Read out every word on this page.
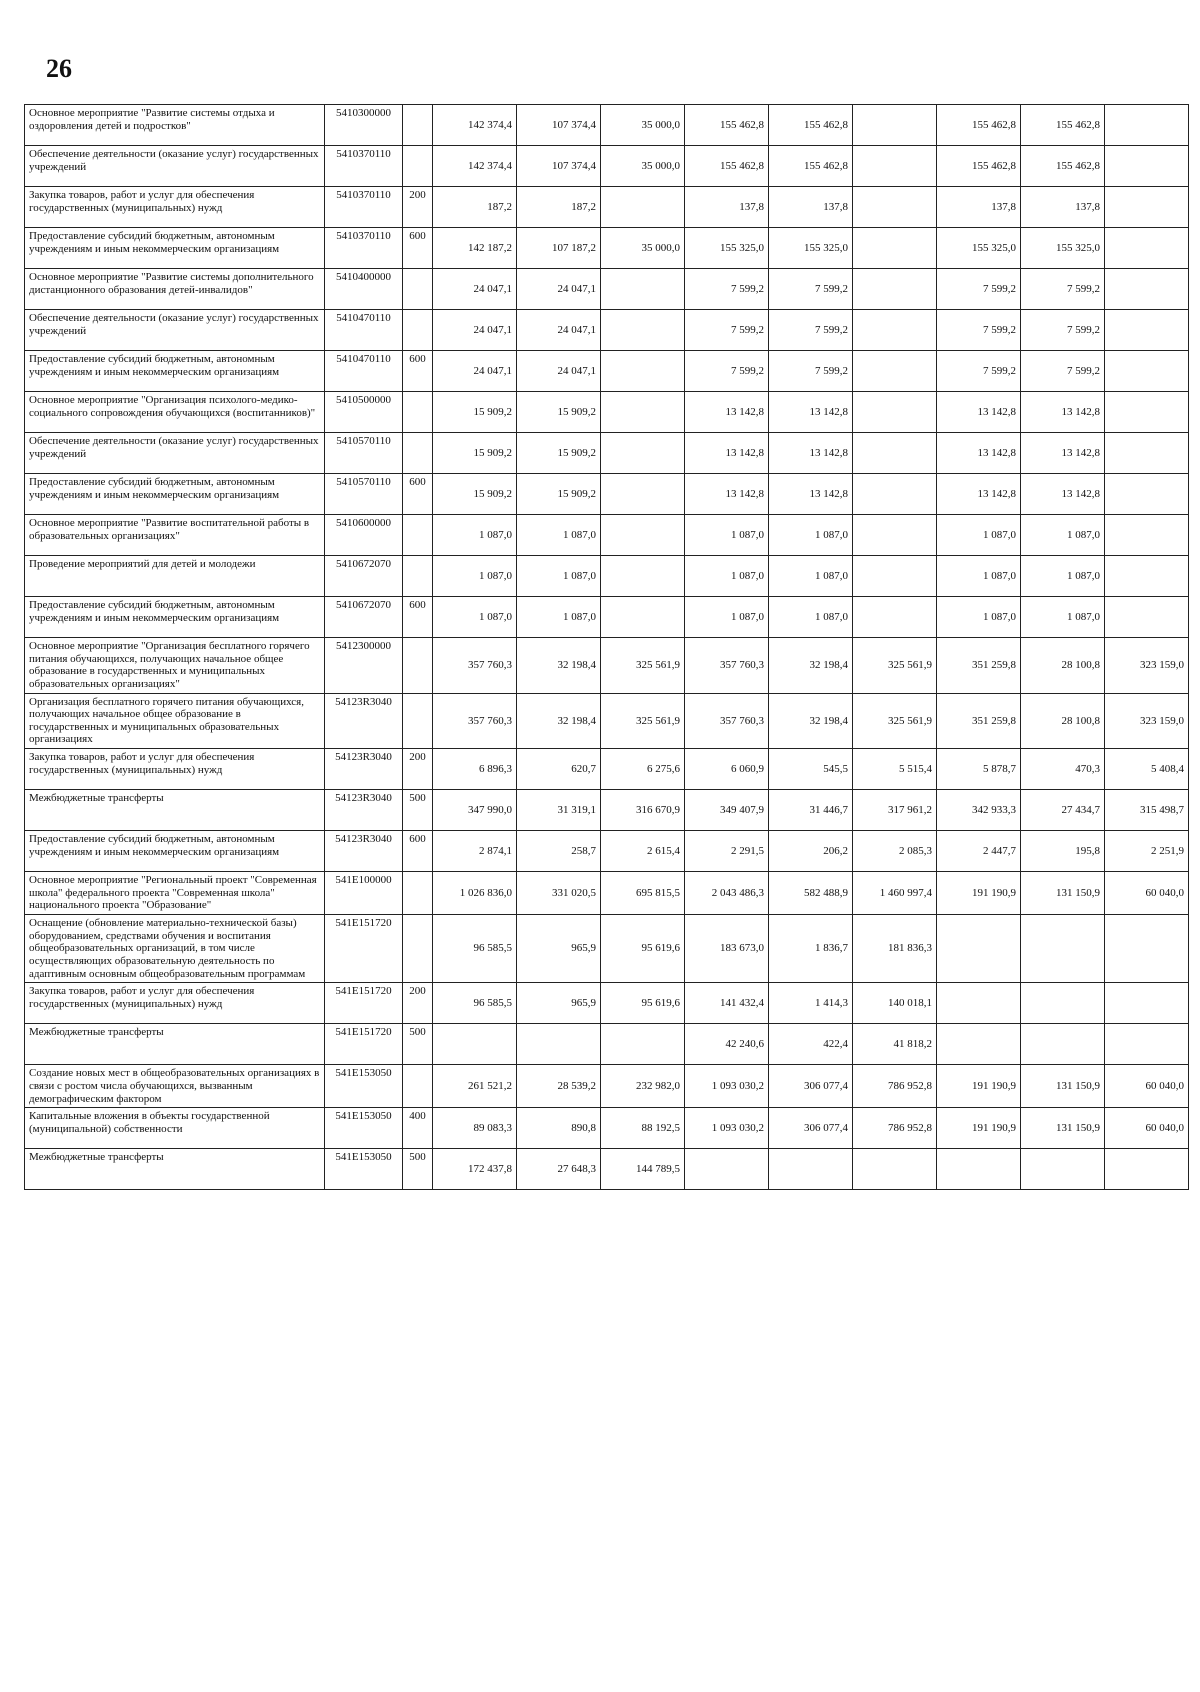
26
Основное мероприятие "Развитие системы отдыха и оздоровления детей и подростков"	5410300000		142 374,4	107 374,4	35 000,0	155 462,8	155 462,8		155 462,8	155 462,8	
Обеспечение деятельности (оказание услуг) государственных учреждений	5410370110		142 374,4	107 374,4	35 000,0	155 462,8	155 462,8		155 462,8	155 462,8	
Закупка товаров, работ и услуг для обеспечения государственных (муниципальных) нужд	5410370110	200	187,2	187,2		137,8	137,8		137,8	137,8	
Предоставление субсидий бюджетным, автономным учреждениям и иным некоммерческим организациям	5410370110	600	142 187,2	107 187,2	35 000,0	155 325,0	155 325,0		155 325,0	155 325,0	
Основное мероприятие "Развитие системы дополнительного дистанционного образования детей-инвалидов"	5410400000		24 047,1	24 047,1		7 599,2	7 599,2		7 599,2	7 599,2	
Обеспечение деятельности (оказание услуг) государственных учреждений	5410470110		24 047,1	24 047,1		7 599,2	7 599,2		7 599,2	7 599,2	
Предоставление субсидий бюджетным, автономным учреждениям и иным некоммерческим организациям	5410470110	600	24 047,1	24 047,1		7 599,2	7 599,2		7 599,2	7 599,2	
Основное мероприятие "Организация психолого-медико-социального сопровождения обучающихся (воспитанников)"	5410500000		15 909,2	15 909,2		13 142,8	13 142,8		13 142,8	13 142,8	
Обеспечение деятельности (оказание услуг) государственных учреждений	5410570110		15 909,2	15 909,2		13 142,8	13 142,8		13 142,8	13 142,8	
Предоставление субсидий бюджетным, автономным учреждениям и иным некоммерческим организациям	5410570110	600	15 909,2	15 909,2		13 142,8	13 142,8		13 142,8	13 142,8	
Основное мероприятие "Развитие воспитательной работы в образовательных организациях"	5410600000		1 087,0	1 087,0		1 087,0	1 087,0		1 087,0	1 087,0	
Проведение мероприятий для детей и молодежи	5410672070		1 087,0	1 087,0		1 087,0	1 087,0		1 087,0	1 087,0	
Предоставление субсидий бюджетным, автономным учреждениям и иным некоммерческим организациям	5410672070	600	1 087,0	1 087,0		1 087,0	1 087,0		1 087,0	1 087,0	
Основное мероприятие "Организация бесплатного горячего питания обучающихся, получающих начальное общее образование в государственных и муниципальных образовательных организациях"	5412300000		357 760,3	32 198,4	325 561,9	357 760,3	32 198,4	325 561,9	351 259,8	28 100,8	323 159,0
Организация бесплатного горячего питания обучающихся, получающих начальное общее образование в государственных и муниципальных образовательных организациях	54123R3040		357 760,3	32 198,4	325 561,9	357 760,3	32 198,4	325 561,9	351 259,8	28 100,8	323 159,0
Закупка товаров, работ и услуг для обеспечения государственных (муниципальных) нужд	54123R3040	200	6 896,3	620,7	6 275,6	6 060,9	545,5	5 515,4	5 878,7	470,3	5 408,4
Межбюджетные трансферты	54123R3040	500	347 990,0	31 319,1	316 670,9	349 407,9	31 446,7	317 961,2	342 933,3	27 434,7	315 498,7
Предоставление субсидий бюджетным, автономным учреждениям и иным некоммерческим организациям	54123R3040	600	2 874,1	258,7	2 615,4	2 291,5	206,2	2 085,3	2 447,7	195,8	2 251,9
Основное мероприятие "Региональный проект "Современная школа" федерального проекта "Современная школа" национального проекта "Образование"	541E100000		1 026 836,0	331 020,5	695 815,5	2 043 486,3	582 488,9	1 460 997,4	191 190,9	131 150,9	60 040,0
Оснащение (обновление материально-технической базы) оборудованием, средствами обучения и воспитания общеобразовательных организаций, в том числе осуществляющих образовательную деятельность по адаптивным основным общеобразовательным программам	541E151720		96 585,5	965,9	95 619,6	183 673,0	1 836,7	181 836,3			
Закупка товаров, работ и услуг для обеспечения государственных (муниципальных) нужд	541E151720	200	96 585,5	965,9	95 619,6	141 432,4	1 414,3	140 018,1			
Межбюджетные трансферты	541E151720	500				42 240,6	422,4	41 818,2			
Создание новых мест в общеобразовательных организациях в связи с ростом числа обучающихся, вызванным демографическим фактором	541E153050		261 521,2	28 539,2	232 982,0	1 093 030,2	306 077,4	786 952,8	191 190,9	131 150,9	60 040,0
Капитальные вложения в объекты государственной (муниципальной) собственности	541E153050	400	89 083,3	890,8	88 192,5	1 093 030,2	306 077,4	786 952,8	191 190,9	131 150,9	60 040,0
Межбюджетные трансферты	541E153050	500	172 437,8	27 648,3	144 789,5						
